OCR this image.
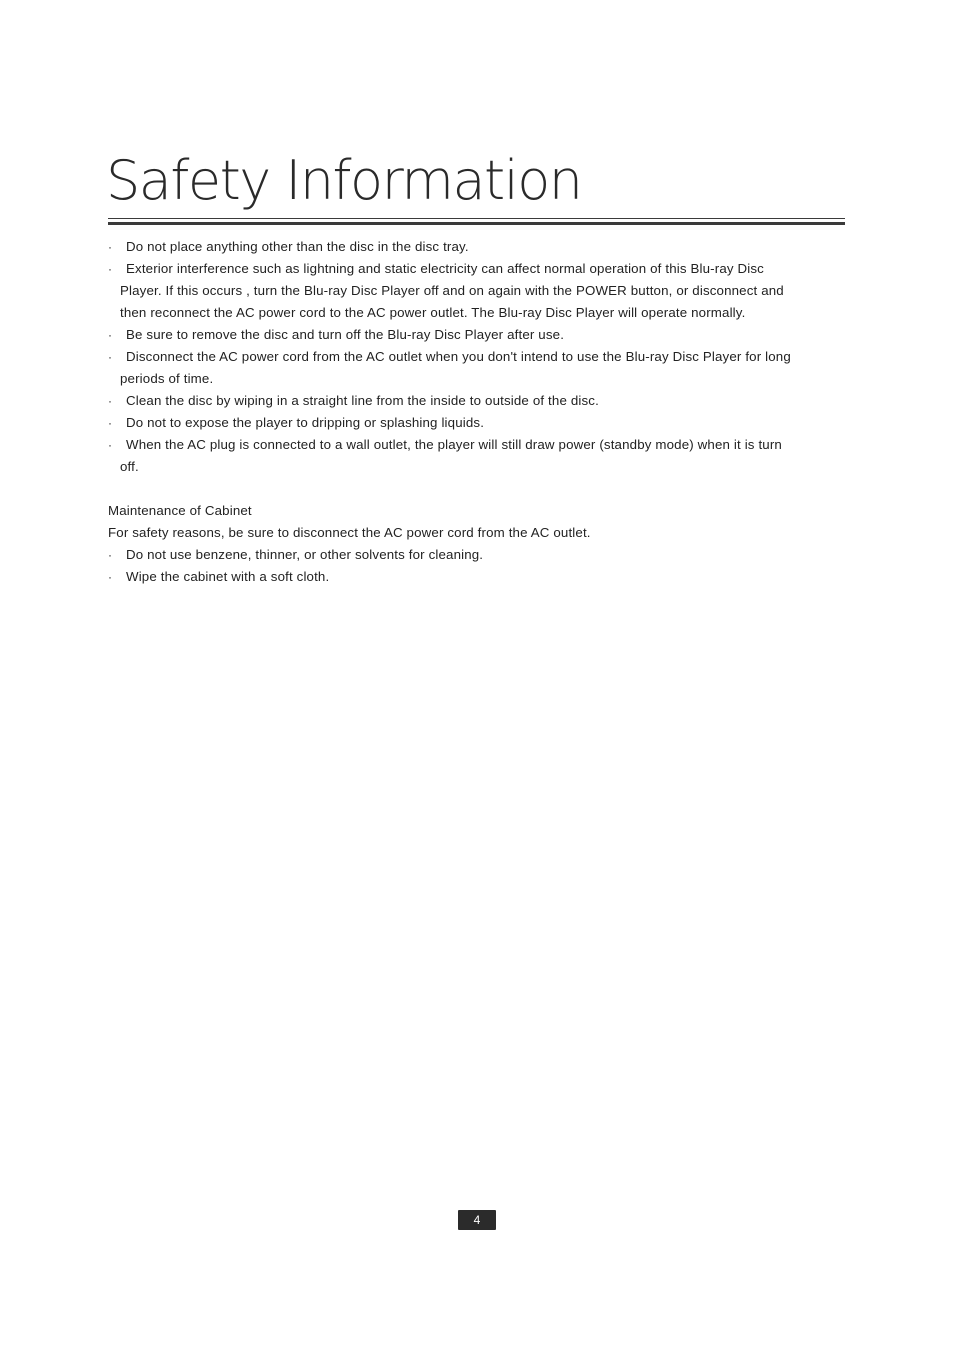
Safety Information
·	Do not place anything other than the disc in the disc tray.
·	Exterior interference such as lightning and static electricity can affect normal operation of this Blu-ray Disc
Player. If this occurs , turn the Blu-ray Disc Player off and on again with the POWER button, or disconnect and
then reconnect the AC power cord to the AC power outlet. The Blu-ray Disc Player will operate normally.
·	Be sure to remove the disc and turn off the Blu-ray Disc Player after use.
·	Disconnect the AC power cord from the AC outlet when you don't intend to use the Blu-ray Disc Player for long
periods of time.
·	Clean the disc by wiping in a straight line from the inside to outside of the disc.
·	Do not to expose the player to dripping or splashing liquids.
·	When the AC plug is connected to a wall outlet, the player will still draw power (standby mode) when it is turn
off.
Maintenance of Cabinet
For safety reasons, be sure to disconnect the AC power cord from the AC outlet.
·	Do not use benzene, thinner, or other solvents for cleaning.
·	Wipe the cabinet with a soft cloth.
4
